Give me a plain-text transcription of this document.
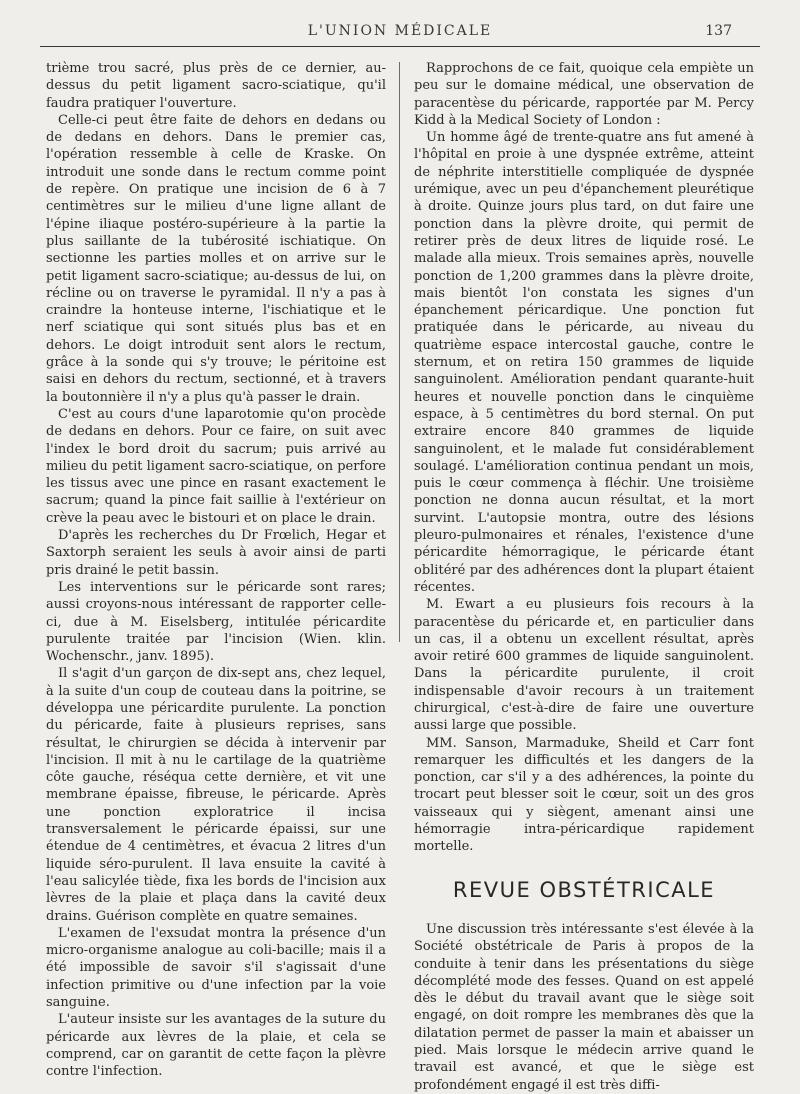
L'UNION MÉDICALE	137

trième trou sacré, plus près de ce dernier, au-dessus du petit ligament sacro-sciatique, qu'il faudra pratiquer l'ouverture.

Celle-ci peut être faite de dehors en dedans ou de dedans en dehors. Dans le premier cas, l'opération ressemble à celle de Kraske. On introduit une sonde dans le rectum comme point de repère. On pratique une incision de 6 à 7 centimètres sur le milieu d'une ligne allant de l'épine iliaque postéro-supérieure à la partie la plus saillante de la tubérosité ischiatique. On sectionne les parties molles et on arrive sur le petit ligament sacro-sciatique; au-dessus de lui, on récline ou on traverse le pyramidal. Il n'y a pas à craindre la honteuse interne, l'ischiatique et le nerf sciatique qui sont situés plus bas et en dehors. Le doigt introduit sent alors le rectum, grâce à la sonde qui s'y trouve; le péritoine est saisi en dehors du rectum, sectionné, et à travers la boutonnière il n'y a plus qu'à passer le drain.

C'est au cours d'une laparotomie qu'on procède de dedans en dehors. Pour ce faire, on suit avec l'index le bord droit du sacrum; puis arrivé au milieu du petit ligament sacro-sciatique, on perfore les tissus avec une pince en rasant exactement le sacrum; quand la pince fait saillie à l'extérieur on crève la peau avec le bistouri et on place le drain.

D'après les recherches du Dr Frœlich, Hegar et Saxtorph seraient les seuls à avoir ainsi de parti pris drainé le petit bassin.

Les interventions sur le péricarde sont rares; aussi croyons-nous intéressant de rapporter celle-ci, due à M. Eiselsberg, intitulée péricardite purulente traitée par l'incision (Wien. klin. Wochenschr., janv. 1895).

Il s'agit d'un garçon de dix-sept ans, chez lequel, à la suite d'un coup de couteau dans la poitrine, se développa une péricardite purulente. La ponction du péricarde, faite à plusieurs reprises, sans résultat, le chirurgien se décida à intervenir par l'incision. Il mit à nu le cartilage de la quatrième côte gauche, réséqua cette dernière, et vit une membrane épaisse, fibreuse, le péricarde. Après une ponction exploratrice il incisa transversalement le péricarde épaissi, sur une étendue de 4 centimètres, et évacua 2 litres d'un liquide séro-purulent. Il lava ensuite la cavité à l'eau salicylée tiède, fixa les bords de l'incision aux lèvres de la plaie et plaça dans la cavité deux drains. Guérison complète en quatre semaines.

L'examen de l'exsudat montra la présence d'un micro-organisme analogue au coli-bacille; mais il a été impossible de savoir s'il s'agissait d'une infection primitive ou d'une infection par la voie sanguine.

L'auteur insiste sur les avantages de la suture du péricarde aux lèvres de la plaie, et cela se comprend, car on garantit de cette façon la plèvre contre l'infection.

Rapprochons de ce fait, quoique cela empiète un peu sur le domaine médical, une observation de paracentèse du péricarde, rapportée par M. Percy Kidd à la Medical Society of London :

Un homme âgé de trente-quatre ans fut amené à l'hôpital en proie à une dyspnée extrême, atteint de néphrite interstitielle compliquée de dyspnée urémique, avec un peu d'épanchement pleurétique à droite. Quinze jours plus tard, on dut faire une ponction dans la plèvre droite, qui permit de retirer près de deux litres de liquide rosé. Le malade alla mieux. Trois semaines après, nouvelle ponction de 1,200 grammes dans la plèvre droite, mais bientôt l'on constata les signes d'un épanchement péricardique. Une ponction fut pratiquée dans le péricarde, au niveau du quatrième espace intercostal gauche, contre le sternum, et on retira 150 grammes de liquide sanguinolent. Amélioration pendant quarante-huit heures et nouvelle ponction dans le cinquième espace, à 5 centimètres du bord sternal. On put extraire encore 840 grammes de liquide sanguinolent, et le malade fut considérablement soulagé. L'amélioration continua pendant un mois, puis le cœur commença à fléchir. Une troisième ponction ne donna aucun résultat, et la mort survint. L'autopsie montra, outre des lésions pleuro-pulmonaires et rénales, l'existence d'une péricardite hémorragique, le péricarde étant oblitéré par des adhérences dont la plupart étaient récentes.

M. Ewart a eu plusieurs fois recours à la paracentèse du péricarde et, en particulier dans un cas, il a obtenu un excellent résultat, après avoir retiré 600 grammes de liquide sanguinolent. Dans la péricardite purulente, il croit indispensable d'avoir recours à un traitement chirurgical, c'est-à-dire de faire une ouverture aussi large que possible.

MM. Sanson, Marmaduke, Sheild et Carr font remarquer les difficultés et les dangers de la ponction, car s'il y a des adhérences, la pointe du trocart peut blesser soit le cœur, soit un des gros vaisseaux qui y siègent, amenant ainsi une hémorragie intra-péricardique rapidement mortelle.

REVUE OBSTÉTRICALE

Une discussion très intéressante s'est élevée à la Société obstétricale de Paris à propos de la conduite à tenir dans les présentations du siège décomplété mode des fesses. Quand on est appelé dès le début du travail avant que le siège soit engagé, on doit rompre les membranes dès que la dilatation permet de passer la main et abaisser un pied. Mais lorsque le médecin arrive quand le travail est avancé, et que le siège est profondément engagé il est très diffi-
